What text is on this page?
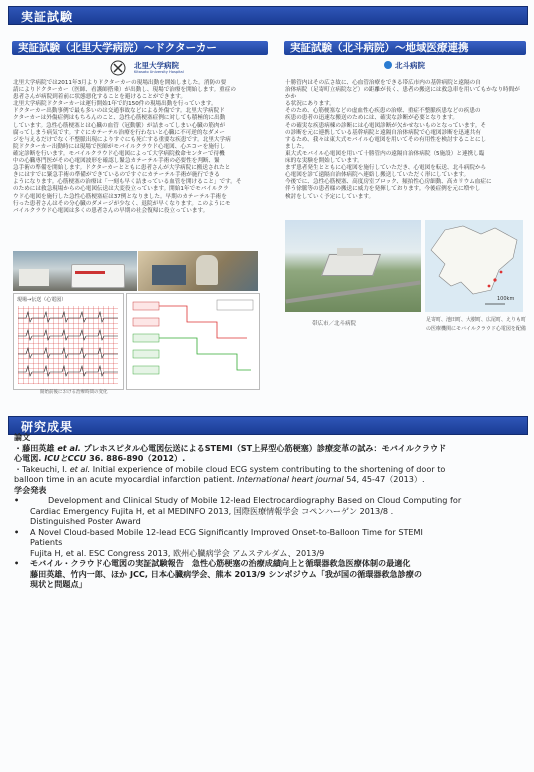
実証試験
実証試験（北里大学病院）〜ドクターカー
北里大学病院
Kitasato University Hospital

北里大学病院では2011年3月よりドクターカーの現場出動を開始しました。消防の要

請によりドクターカー（医師、看護師搭乗）が出動し、現場で治療を開始します。重症の

患者さんが病院到着前に状態悪化することを避けることができます。

北里大学病院ドクターカーは運行開始1年で約150件の現場出動を行っています。

ドクターカー出動事例で最も多いのは交通事故などによる外傷です。北里大学病院ド

クターカーは外傷症例はもちろんのこと、急性心筋梗塞症例に対しても積極的に出動

しています。急性心筋梗塞とは心臓の血管（冠動脈）が詰まってしまい心臓の筋肉が

腐ってしまう病気です。すぐにカテーテル治療を行わないと心臓に不可逆的なダメー

ジを与えるだけでなく不整脈出現によりすぐにも死亡する重要な疾患です。北里大学病

院ドクターカー出動時には現場で医師がモバイルクラウド心電図、心エコーを施行し

確定診断を行います。モバイルクラウド心電図によって大学病院救命センターで待機

中の心臓専門医がその心電図波形を確認し緊急カテーテル手術の必要性を判断、緊

急手術の準備を開始します。ドクターカーとともに患者さんが大学病院に搬送されたと

きにはすでに緊急手術の準備ができているのですぐにカテーテル手術が施行できる

ようになります。心筋梗塞の治療は「一刻も早く詰まっている血管を開けること」です。そ

のためには救急現場からの心電図伝送は大変役立っています。開始1年でモバイルクラ

ウド心電図を施行した急性心筋梗塞症は37例となりました。早期のカテーテル手術を

行った患者さんはその分心臓のダメージが少なく、退院が早くなります。このようにモ

バイルクラウド心電図は多くの患者さんの早期の社会復帰に役立っています。

現場→伝送（心電図）
開始前後における治療時間の変化
実証試験（北斗病院）〜地域医療連携
北斗病院

十勝管内はその広さ故に、心血管治療をできる帯広市内の基幹病院と遠隔の自

治体病院（足寄町立病院など）の距離が長く、患者の搬送には救急車を用いてもかなり時間がかか

る状況にあります。

そのため、心筋梗塞などの虚血性心疾患の治療、重症不整脈疾患などの疾患の

疾患の患者の迅速な搬送のためには、確実な診断が必要となります。

その確実な疾患病棟の診断には心電図診断が欠かせないものとなっています。そ

の診断を元に連携している基幹病院と遠隔自治体病院で心電図診断を迅速共有

するため、我々は東大式モバイル心電図を用いてその有用性を検討することにし

ました。

東大式モバイル心電図を用いて十勝管内の遠隔自治体病院（5施設）と連携し臨

床的な実験を開始しています。

まず患者発生とともに心電図を施行していただき、心電図を転送、北斗病院から

心電図を診て遠隔自治体病院へ連絡し搬送していただく形にしています。

今後でに、急性心筋梗塞、高度房室ブロック、頻拍性心房細動、高カリウム血症に

伴う徐脈等の患者様の搬送に威力を発揮しております。今後症例を元に増やし

検討をしていく予定にしています。

100km
帯広市／北斗病院
足寄町、池田町、大樹町、広尾町、えりも町
の医療機関にモバイルクラウド心電図を配備
研究成果
論文
・藤田英雄 et al. プレホスピタル心電図伝送によるSTEMI（ST上昇型心筋梗塞）診療変革の試み：モバイルクラウド
心電図. ICUとCCU 36. 886-890（2012）.
・Takeuchi, I. et al. Initial experience of mobile cloud ECG system contributing to the shortening of door to
balloon time in an acute myocardial infarction patient. International heart journal 54, 45-47（2013）.
学会発表
•	Development and Clinical Study of Mobile 12-lead Electrocardiography Based on Cloud Computing for
Cardiac Emergency Fujita H, et al MEDINFO 2013, 国際医療情報学会 コペンハーゲン 2013/8 .
Distinguished Poster Award
•	A Novel Cloud-based Mobile 12-lead ECG Significantly Improved Onset-to-Balloon Time for STEMI
Patients
Fujita H, et al. ESC Congress 2013, 欧州心臓病学会 アムステルダム、2013/9
•	モバイル・クラウド心電図の実証試験報告　急性心筋梗塞の治療成績向上と循環器救急医療体制の最適化
藤田英雄、竹内一郎、ほか JCC, 日本心臓病学会、熊本 2013/9 シンポジウム「我が国の循環器救急診療の
現状と問題点」
